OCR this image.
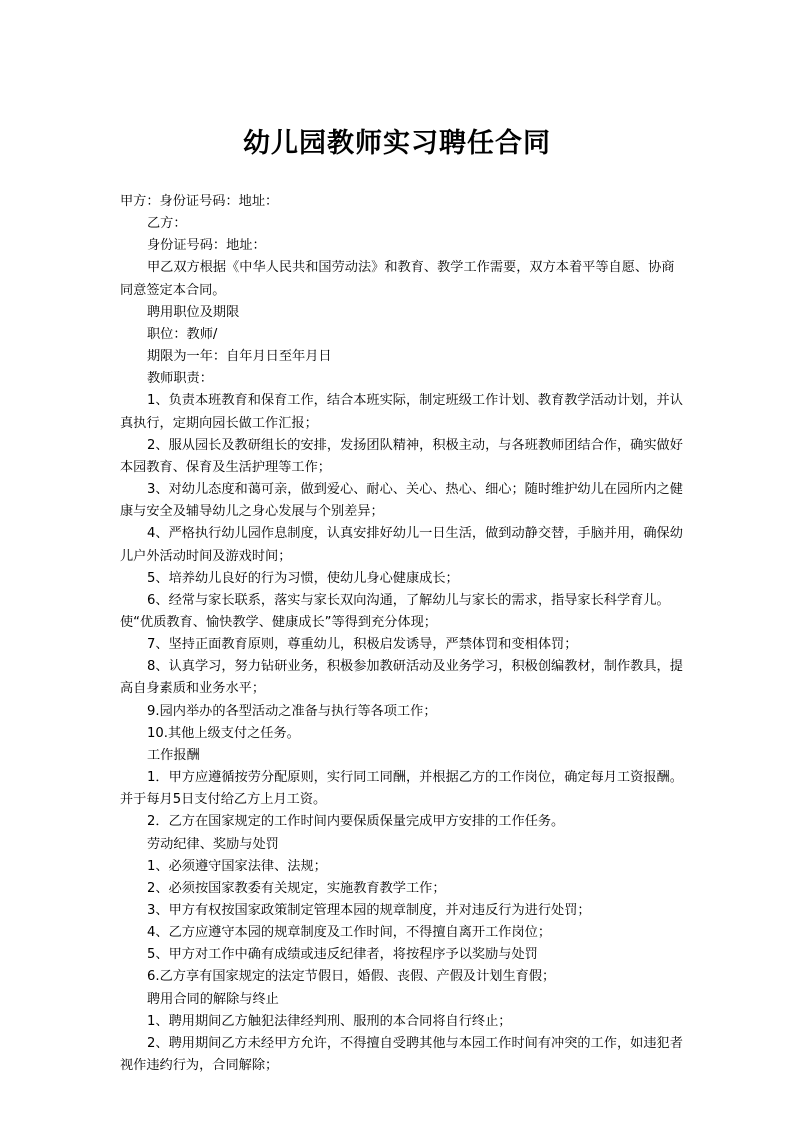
幼儿园教师实习聘任合同

甲方：身份证号码：地址：

乙方：

身份证号码：地址：

甲乙双方根据《中华人民共和国劳动法》和教育、教学工作需要，双方本着平等自愿、协商同意签定本合同。

聘用职位及期限

职位：教师/

期限为一年：自年月日至年月日

教师职责：

1、负责本班教育和保育工作，结合本班实际，制定班级工作计划、教育教学活动计划，并认真执行，定期向园长做工作汇报；

2、服从园长及教研组长的安排，发扬团队精神，积极主动，与各班教师团结合作，确实做好本园教育、保育及生活护理等工作；

3、对幼儿态度和蔼可亲，做到爱心、耐心、关心、热心、细心；随时维护幼儿在园所内之健康与安全及辅导幼儿之身心发展与个别差异；

4、严格执行幼儿园作息制度，认真安排好幼儿一日生活，做到动静交替，手脑并用，确保幼儿户外活动时间及游戏时间；

5、培养幼儿良好的行为习惯，使幼儿身心健康成长；

6、经常与家长联系，落实与家长双向沟通，了解幼儿与家长的需求，指导家长科学育儿。使“优质教育、愉快教学、健康成长”等得到充分体现；

7、坚持正面教育原则，尊重幼儿，积极启发诱导，严禁体罚和变相体罚；

8、认真学习，努力钻研业务，积极参加教研活动及业务学习，积极创编教材，制作教具，提高自身素质和业务水平；

9.园内举办的各型活动之准备与执行等各项工作；

10.其他上级支付之任务。

工作报酬

1．甲方应遵循按劳分配原则，实行同工同酬，并根据乙方的工作岗位，确定每月工资报酬。并于每月5日支付给乙方上月工资。

2．乙方在国家规定的工作时间内要保质保量完成甲方安排的工作任务。

劳动纪律、奖励与处罚

1、必须遵守国家法律、法规；

2、必须按国家教委有关规定，实施教育教学工作；

3、甲方有权按国家政策制定管理本园的规章制度，并对违反行为进行处罚；

4、乙方应遵守本园的规章制度及工作时间，不得擅自离开工作岗位；

5、甲方对工作中确有成绩或违反纪律者，将按程序予以奖励与处罚

6.乙方享有国家规定的法定节假日，婚假、丧假、产假及计划生育假；

聘用合同的解除与终止

1、聘用期间乙方触犯法律经判刑、服刑的本合同将自行终止；

2、聘用期间乙方未经甲方允许，不得擅自受聘其他与本园工作时间有冲突的工作，如违犯者视作违约行为，合同解除；
